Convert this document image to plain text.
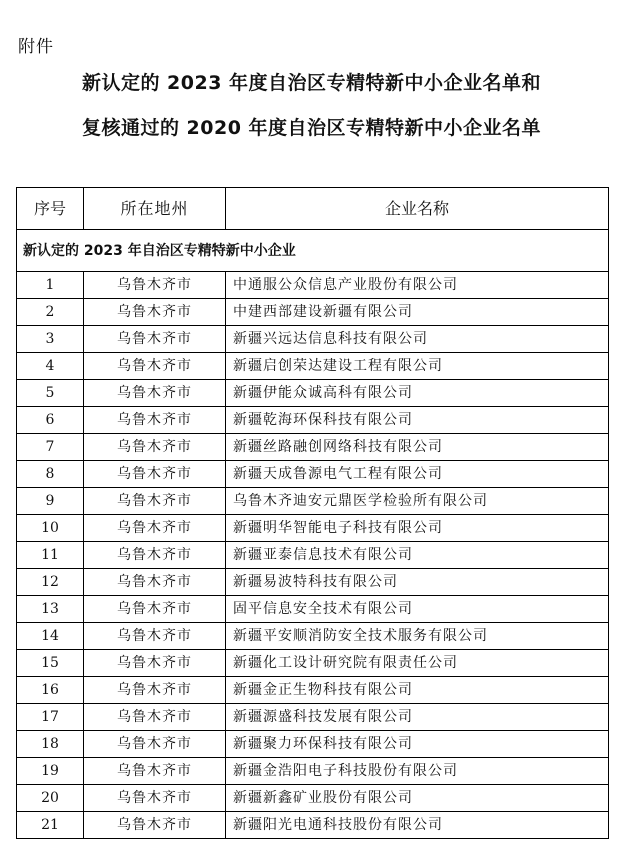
附件
新认定的 2023 年度自治区专精特新中小企业名单和
复核通过的 2020 年度自治区专精特新中小企业名单
序号	所在地州	企业名称
新认定的 2023 年自治区专精特新中小企业		
1	乌鲁木齐市	中通服公众信息产业股份有限公司
2	乌鲁木齐市	中建西部建设新疆有限公司
3	乌鲁木齐市	新疆兴远达信息科技有限公司
4	乌鲁木齐市	新疆启创荣达建设工程有限公司
5	乌鲁木齐市	新疆伊能众诚高科有限公司
6	乌鲁木齐市	新疆乾海环保科技有限公司
7	乌鲁木齐市	新疆丝路融创网络科技有限公司
8	乌鲁木齐市	新疆天成鲁源电气工程有限公司
9	乌鲁木齐市	乌鲁木齐迪安元鼎医学检验所有限公司
10	乌鲁木齐市	新疆明华智能电子科技有限公司
11	乌鲁木齐市	新疆亚泰信息技术有限公司
12	乌鲁木齐市	新疆易波特科技有限公司
13	乌鲁木齐市	固平信息安全技术有限公司
14	乌鲁木齐市	新疆平安顺消防安全技术服务有限公司
15	乌鲁木齐市	新疆化工设计研究院有限责任公司
16	乌鲁木齐市	新疆金正生物科技有限公司
17	乌鲁木齐市	新疆源盛科技发展有限公司
18	乌鲁木齐市	新疆聚力环保科技有限公司
19	乌鲁木齐市	新疆金浩阳电子科技股份有限公司
20	乌鲁木齐市	新疆新鑫矿业股份有限公司
21	乌鲁木齐市	新疆阳光电通科技股份有限公司
